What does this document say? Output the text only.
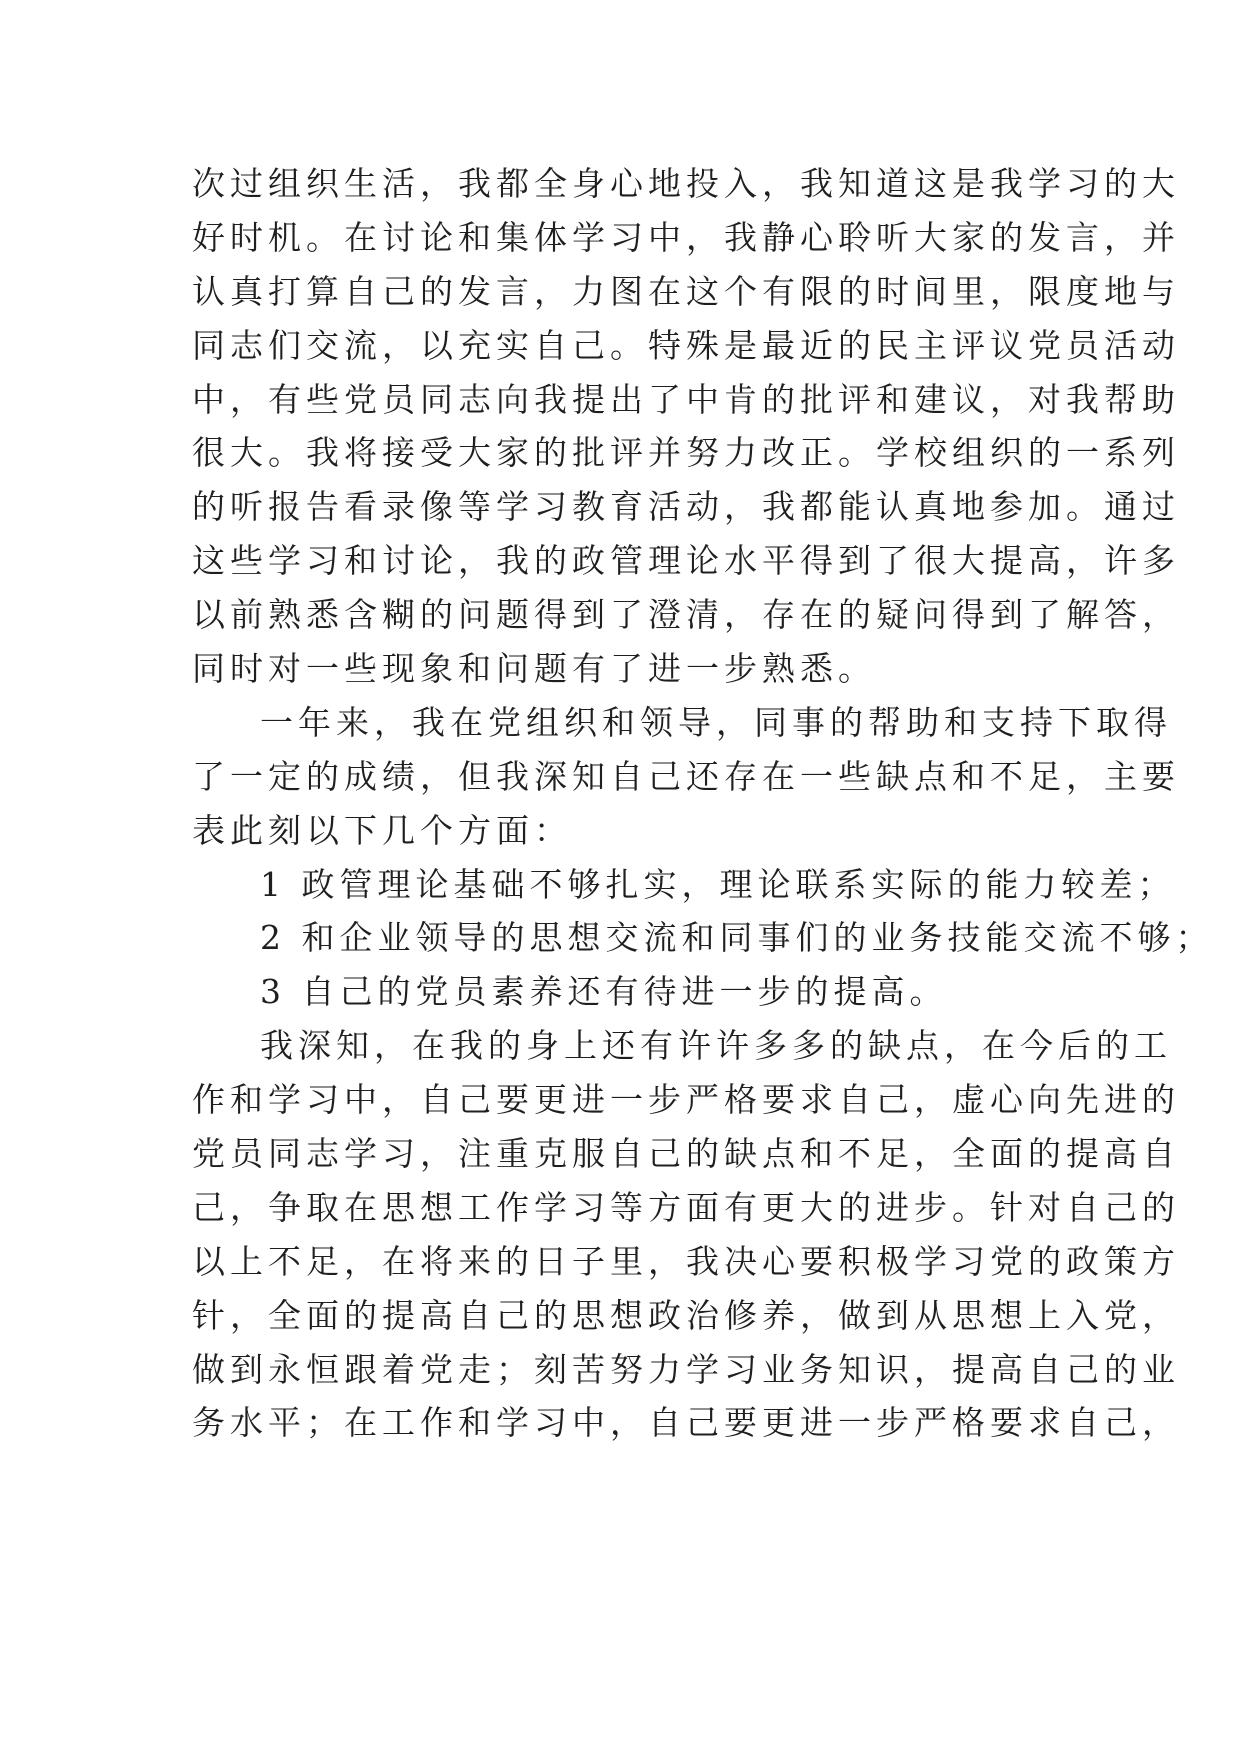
次过组织生活，我都全身心地投入，我知道这是我学习的大
好时机。在讨论和集体学习中，我静心聆听大家的发言，并
认真打算自己的发言，力图在这个有限的时间里，限度地与
同志们交流，以充实自己。特殊是最近的民主评议党员活动
中，有些党员同志向我提出了中肯的批评和建议，对我帮助
很大。我将接受大家的批评并努力改正。学校组织的一系列
的听报告看录像等学习教育活动，我都能认真地参加。通过
这些学习和讨论，我的政管理论水平得到了很大提高，许多
以前熟悉含糊的问题得到了澄清，存在的疑问得到了解答，
同时对一些现象和问题有了进一步熟悉。
一年来，我在党组织和领导，同事的帮助和支持下取得
了一定的成绩，但我深知自己还存在一些缺点和不足，主要
表此刻以下几个方面：
1 政管理论基础不够扎实，理论联系实际的能力较差；
2 和企业领导的思想交流和同事们的业务技能交流不够；
3 自己的党员素养还有待进一步的提高。
我深知，在我的身上还有许许多多的缺点，在今后的工
作和学习中，自己要更进一步严格要求自己，虚心向先进的
党员同志学习，注重克服自己的缺点和不足，全面的提高自
己，争取在思想工作学习等方面有更大的进步。针对自己的
以上不足，在将来的日子里，我决心要积极学习党的政策方
针，全面的提高自己的思想政治修养，做到从思想上入党，
做到永恒跟着党走；刻苦努力学习业务知识，提高自己的业
务水平；在工作和学习中，自己要更进一步严格要求自己，
